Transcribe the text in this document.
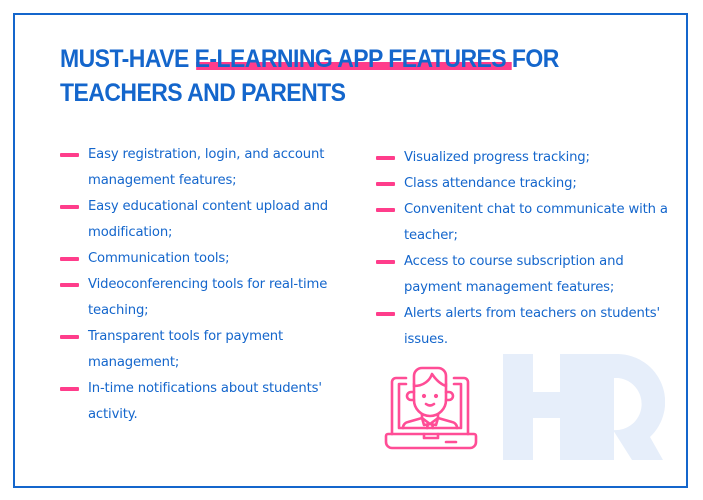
MUST-HAVE E-LEARNING APP FEATURES FOR
TEACHERS AND PARENTS
Easy registration, login, and account management features;
Easy educational content upload and modification;
Communication tools;
Videoconferencing tools for real-time teaching;
Transparent tools for payment management;
In-time notifications about students' activity.
Visualized progress tracking;
Class attendance tracking;
Convenitent chat to communicate with a teacher;
Access to course subscription and payment management features;
Alerts alerts from teachers on students' issues.
